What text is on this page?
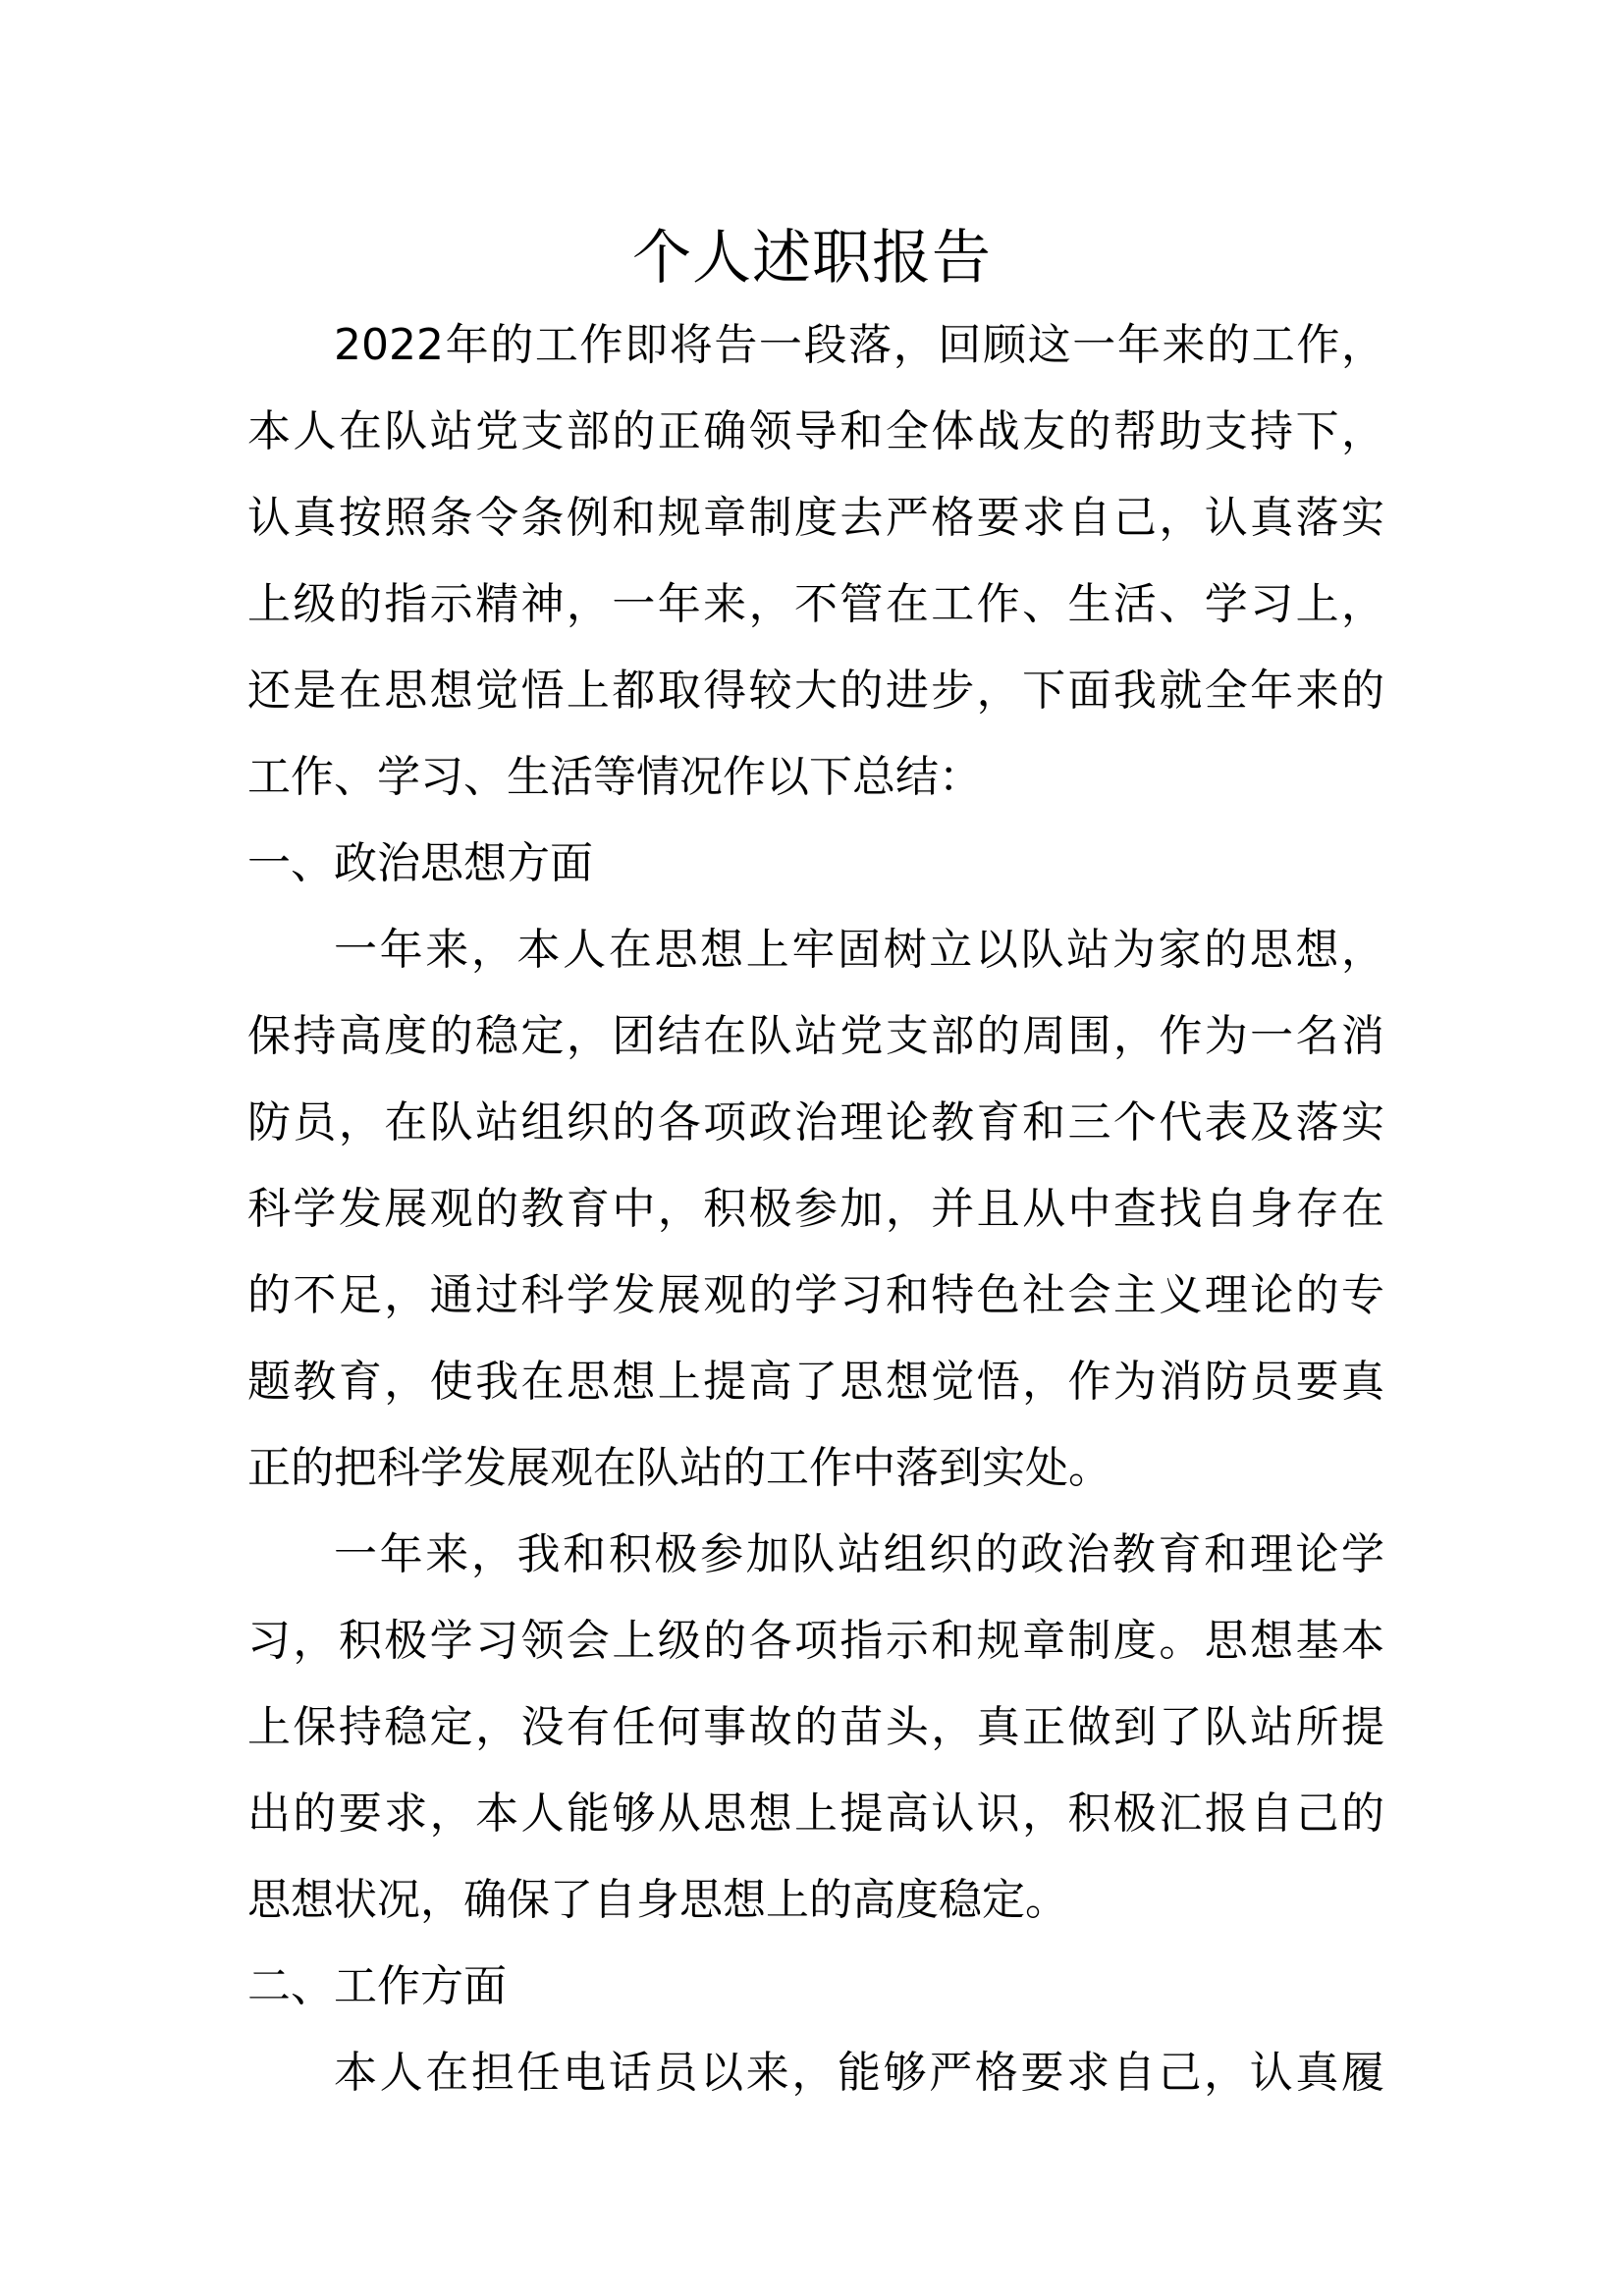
个人述职报告
2022年的工作即将告一段落，回顾这一年来的工作，
本人在队站党支部的正确领导和全体战友的帮助支持下，
认真按照条令条例和规章制度去严格要求自己，认真落实
上级的指示精神，一年来，不管在工作、生活、学习上，
还是在思想觉悟上都取得较大的进步，下面我就全年来的
工作、学习、生活等情况作以下总结：
一、政治思想方面
一年来，本人在思想上牢固树立以队站为家的思想，
保持高度的稳定，团结在队站党支部的周围，作为一名消
防员，在队站组织的各项政治理论教育和三个代表及落实
科学发展观的教育中，积极参加，并且从中查找自身存在
的不足，通过科学发展观的学习和特色社会主义理论的专
题教育，使我在思想上提高了思想觉悟，作为消防员要真
正的把科学发展观在队站的工作中落到实处。
一年来，我和积极参加队站组织的政治教育和理论学
习，积极学习领会上级的各项指示和规章制度。思想基本
上保持稳定，没有任何事故的苗头，真正做到了队站所提
出的要求，本人能够从思想上提高认识，积极汇报自己的
思想状况，确保了自身思想上的高度稳定。
二、工作方面
本人在担任电话员以来，能够严格要求自己，认真履
